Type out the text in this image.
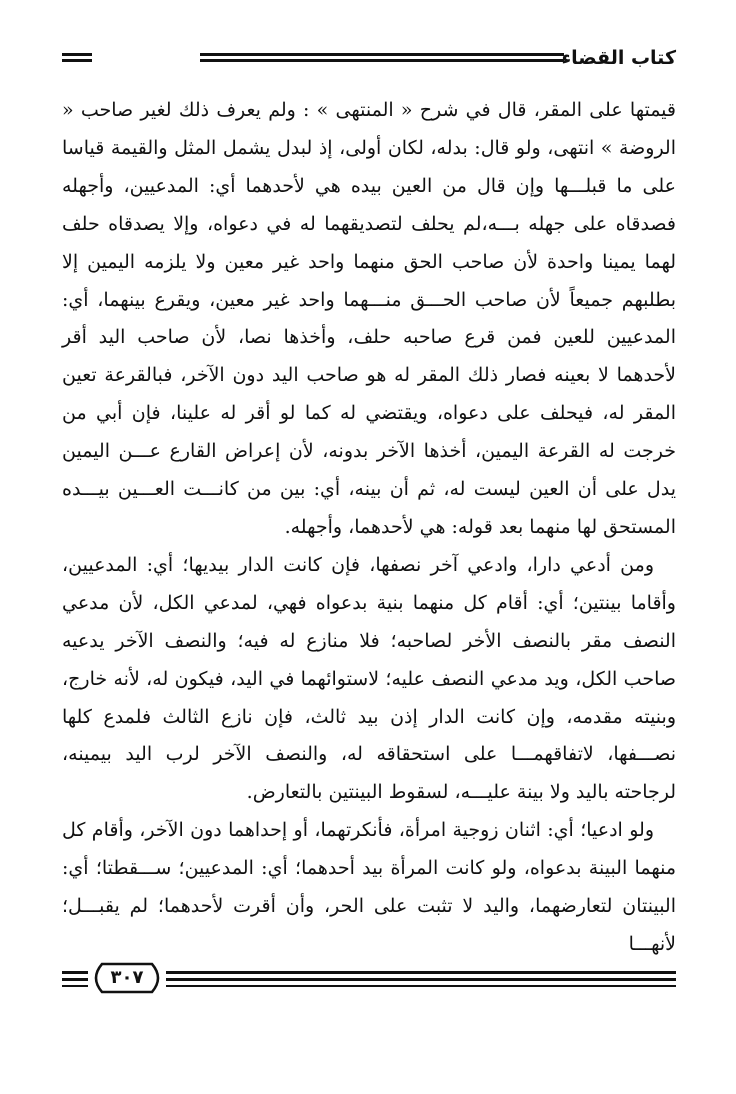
كتاب القضاء

قيمتها على المقر، قال في شرح « المنتهى » : ولم يعرف ذلك لغير صاحب « الروضة » انتهى، ولو قال: بدله، لكان أولى، إذ لبدل يشمل المثل والقيمة قياسا على ما قبلـــها وإن قال من العين بيده هي لأحدهما أي: المدعيين، وأجهله فصدقاه على جهله بـــه،لم يحلف لتصديقهما له في دعواه، وإلا يصدقاه حلف لهما يمينا واحدة لأن صاحب الحق منهما واحد غير معين ولا يلزمه اليمين إلا بطلبهم جميعاً لأن صاحب الحـــق منـــهما واحد غير معين، ويقرع بينهما، أي: المدعيين للعين فمن قرع صاحبه حلف، وأخذها نصا، لأن صاحب اليد أقر لأحدهما لا بعينه فصار ذلك المقر له هو صاحب اليد دون الآخر، فبالقرعة تعين المقر له، فيحلف على دعواه، ويقتضي له كما لو أقر له علينا، فإن أبي من خرجت له القرعة اليمين، أخذها الآخر بدونه، لأن إعراض القارع عـــن اليمين يدل على أن العين ليست له، ثم أن بينه، أي: بين من كانـــت العـــين بيـــده المستحق لها منهما بعد قوله: هي لأحدهما، وأجهله.

ومن أدعي دارا، وادعي آخر نصفها، فإن كانت الدار بيديها؛ أي: المدعيين، وأقاما بينتين؛ أي: أقام كل منهما بنية بدعواه فهي، لمدعي الكل، لأن مدعي النصف مقر بالنصف الأخر لصاحبه؛ فلا منازع له فيه؛ والنصف الآخر يدعيه صاحب الكل، ويد مدعي النصف عليه؛ لاستوائهما في اليد، فيكون له، لأنه خارج، وبنيته مقدمه، وإن كانت الدار إذن بيد ثالث، فإن نازع الثالث فلمدع كلها نصـــفها، لاتفاقهمـــا على استحقاقه له، والنصف الآخر لرب اليد بيمينه، لرجاحته باليد ولا بينة عليـــه، لسقوط البينتين بالتعارض.

ولو ادعيا؛ أي: اثنان زوجية امرأة، فأنكرتهما، أو إحداهما دون الآخر، وأقام كل منهما البينة بدعواه، ولو كانت المرأة بيد أحدهما؛ أي: المدعيين؛ ســـقطتا؛ أي: البينتان لتعارضهما، واليد لا تثبت على الحر، وأن أقرت لأحدهما؛ لم يقبـــل؛ لأنهـــا

٣٠٧
